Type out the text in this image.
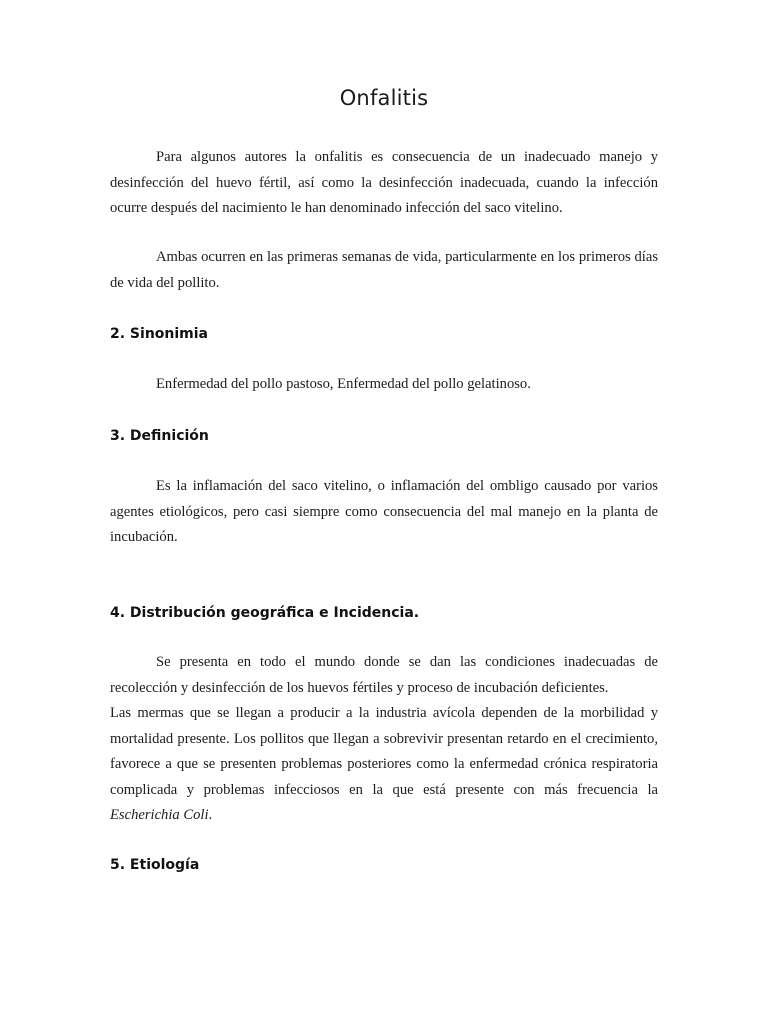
Onfalitis

Para algunos autores la onfalitis es consecuencia de un inadecuado manejo y desinfección del huevo fértil, así como la desinfección inadecuada, cuando la infección ocurre después del nacimiento le han denominado infección del saco vitelino.

Ambas ocurren en las primeras semanas de vida, particularmente en los primeros días de vida del pollito.

2. Sinonimia

Enfermedad del pollo pastoso, Enfermedad del pollo gelatinoso.

3. Definición

Es la inflamación del saco vitelino, o inflamación del ombligo causado por varios agentes etiológicos, pero casi siempre como consecuencia del mal manejo en la planta de incubación.

4. Distribución geográfica e Incidencia.

Se presenta en todo el mundo donde se dan las condiciones inadecuadas de recolección y desinfección de los huevos fértiles y proceso de incubación deficientes.

Las mermas que se llegan a producir a la industria avícola dependen de la morbilidad y mortalidad presente. Los pollitos que llegan a sobrevivir presentan retardo en el crecimiento, favorece a que se presenten problemas posteriores como la enfermedad crónica respiratoria complicada y problemas infecciosos en la que está presente con más frecuencia la Escherichia Coli.

5. Etiología
